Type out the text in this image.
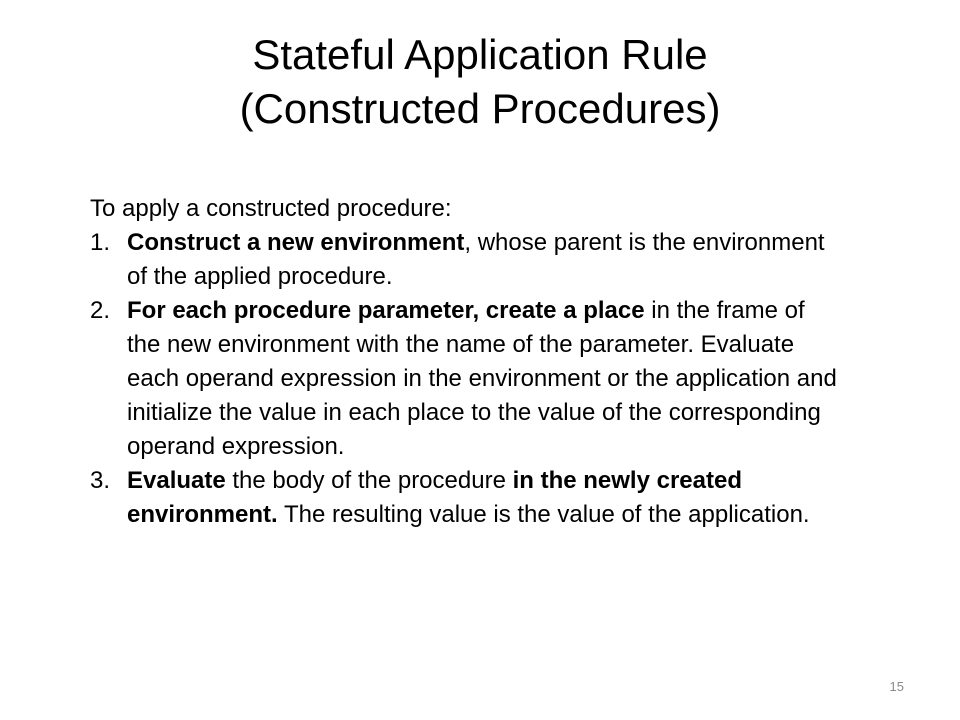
Stateful Application Rule
(Constructed Procedures)

To apply a constructed procedure:

1. Construct a new environment, whose parent is the environment of the applied procedure.
2. For each procedure parameter, create a place in the frame of the new environment with the name of the parameter. Evaluate each operand expression in the environment or the application and initialize the value in each place to the value of the corresponding operand expression.
3. Evaluate the body of the procedure in the newly created environment. The resulting value is the value of the application.
15
